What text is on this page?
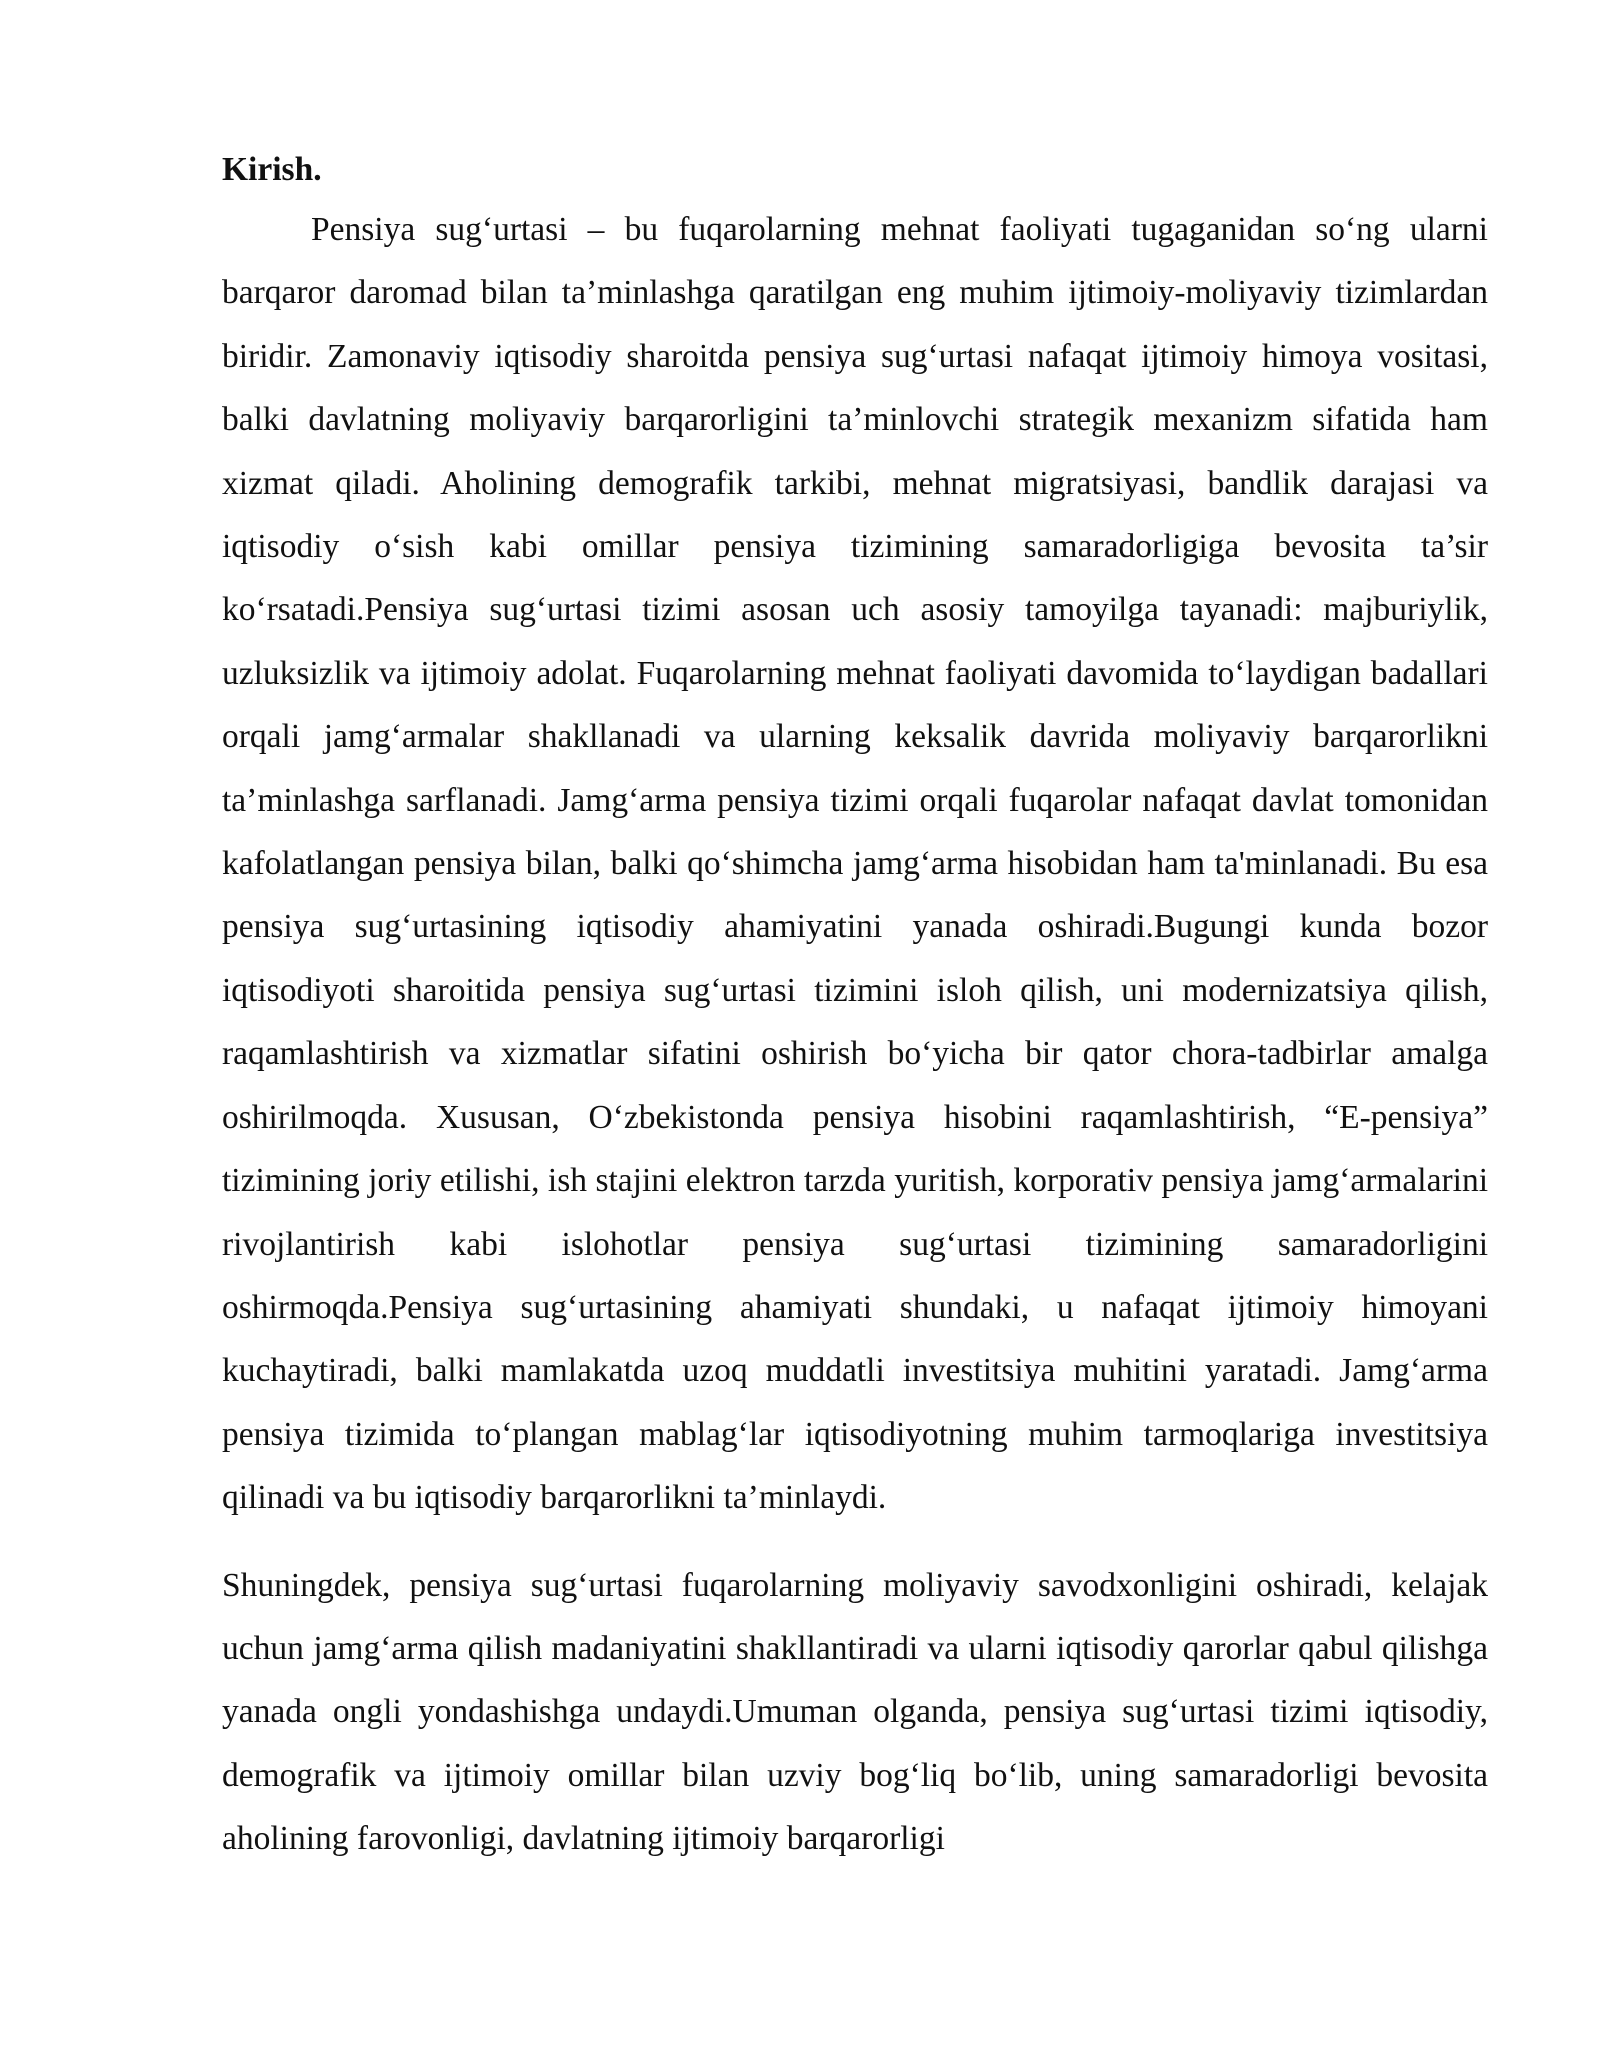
Kirish.

Pensiya sug‘urtasi – bu fuqarolarning mehnat faoliyati tugaganidan so‘ng ularni barqaror daromad bilan ta’minlashga qaratilgan eng muhim ijtimoiy-moliyaviy tizimlardan biridir. Zamonaviy iqtisodiy sharoitda pensiya sug‘urtasi nafaqat ijtimoiy himoya vositasi, balki davlatning moliyaviy barqarorligini ta’minlovchi strategik mexanizm sifatida ham xizmat qiladi. Aholining demografik tarkibi, mehnat migratsiyasi, bandlik darajasi va iqtisodiy o‘sish kabi omillar pensiya tizimining samaradorligiga bevosita ta’sir ko‘rsatadi.Pensiya sug‘urtasi tizimi asosan uch asosiy tamoyilga tayanadi: majburiylik, uzluksizlik va ijtimoiy adolat. Fuqarolarning mehnat faoliyati davomida to‘laydigan badallari orqali jamg‘armalar shakllanadi va ularning keksalik davrida moliyaviy barqarorlikni ta’minlashga sarflanadi. Jamg‘arma pensiya tizimi orqali fuqarolar nafaqat davlat tomonidan kafolatlangan pensiya bilan, balki qo‘shimcha jamg‘arma hisobidan ham ta'minlanadi. Bu esa pensiya sug‘urtasining iqtisodiy ahamiyatini yanada oshiradi.Bugungi kunda bozor iqtisodiyoti sharoitida pensiya sug‘urtasi tizimini isloh qilish, uni modernizatsiya qilish, raqamlashtirish va xizmatlar sifatini oshirish bo‘yicha bir qator chora-tadbirlar amalga oshirilmoqda. Xususan, O‘zbekistonda pensiya hisobini raqamlashtirish, “E-pensiya” tizimining joriy etilishi, ish stajini elektron tarzda yuritish, korporativ pensiya jamg‘armalarini rivojlantirish kabi islohotlar pensiya sug‘urtasi tizimining samaradorligini oshirmoqda.Pensiya sug‘urtasining ahamiyati shundaki, u nafaqat ijtimoiy himoyani kuchaytiradi, balki mamlakatda uzoq muddatli investitsiya muhitini yaratadi. Jamg‘arma pensiya tizimida to‘plangan mablag‘lar iqtisodiyotning muhim tarmoqlariga investitsiya qilinadi va bu iqtisodiy barqarorlikni ta’minlaydi.

Shuningdek, pensiya sug‘urtasi fuqarolarning moliyaviy savodxonligini oshiradi, kelajak uchun jamg‘arma qilish madaniyatini shakllantiradi va ularni iqtisodiy qarorlar qabul qilishga yanada ongli yondashishga undaydi.Umuman olganda, pensiya sug‘urtasi tizimi iqtisodiy, demografik va ijtimoiy omillar bilan uzviy bog‘liq bo‘lib, uning samaradorligi bevosita aholining farovonligi, davlatning ijtimoiy barqarorligi
